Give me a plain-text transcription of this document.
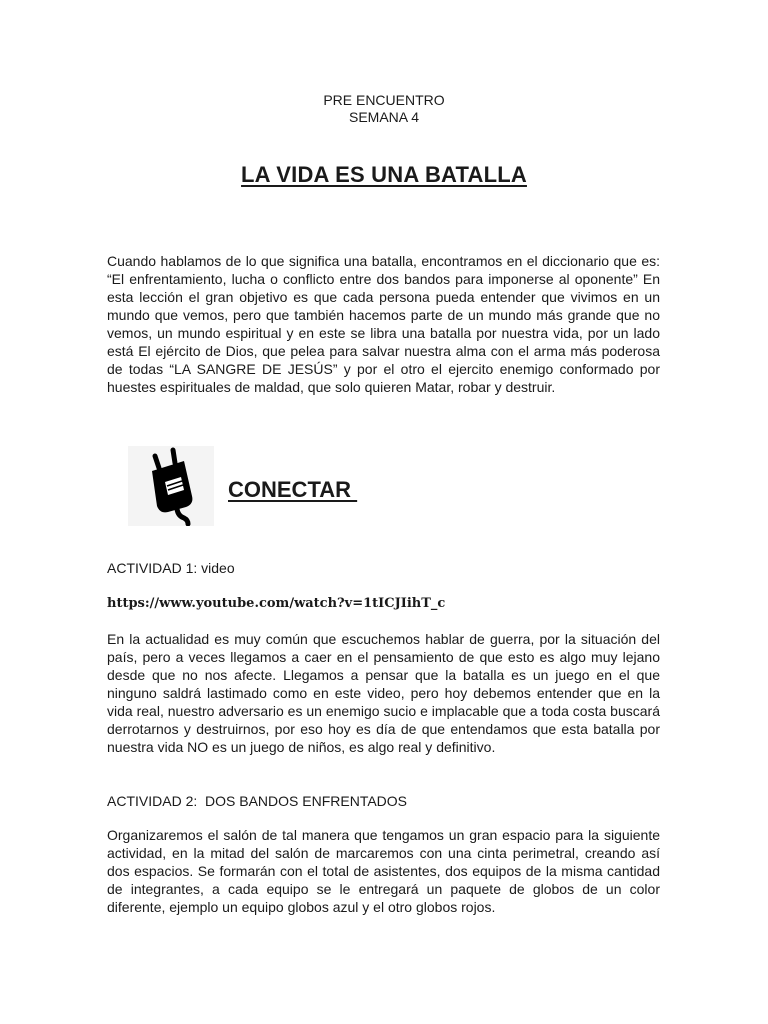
PRE ENCUENTRO
SEMANA 4
LA VIDA ES UNA BATALLA

Cuando hablamos de lo que significa una batalla, encontramos en el diccionario que es: “El enfrentamiento, lucha o conflicto entre dos bandos para imponerse al oponente” En esta lección el gran objetivo es que cada persona pueda entender que vivimos en un mundo que vemos, pero que también hacemos parte de un mundo más grande que no vemos, un mundo espiritual y en este se libra una batalla por nuestra vida, por un lado está El ejército de Dios, que pelea para salvar nuestra alma con el arma más poderosa de todas “LA SANGRE DE JESÚS” y por el otro el ejercito enemigo conformado por huestes espirituales de maldad, que solo quieren Matar, robar y destruir.

CONECTAR
ACTIVIDAD 1: video
https://www.youtube.com/watch?v=1tICJIihT_c

En la actualidad es muy común que escuchemos hablar de guerra, por la situación del país, pero a veces llegamos a caer en el pensamiento de que esto es algo muy lejano desde que no nos afecte. Llegamos a pensar que la batalla es un juego en el que ninguno saldrá lastimado como en este video, pero hoy debemos entender que en la vida real, nuestro adversario es un enemigo sucio e implacable que a toda costa buscará derrotarnos y destruirnos, por eso hoy es día de que entendamos que esta batalla por nuestra vida NO es un juego de niños, es algo real y definitivo.

ACTIVIDAD 2:  DOS BANDOS ENFRENTADOS

Organizaremos el salón de tal manera que tengamos un gran espacio para la siguiente actividad, en la mitad del salón de marcaremos con una cinta perimetral, creando así dos espacios. Se formarán con el total de asistentes, dos equipos de la misma cantidad de integrantes, a cada equipo se le entregará un paquete de globos de un color diferente, ejemplo un equipo globos azul y el otro globos rojos.
